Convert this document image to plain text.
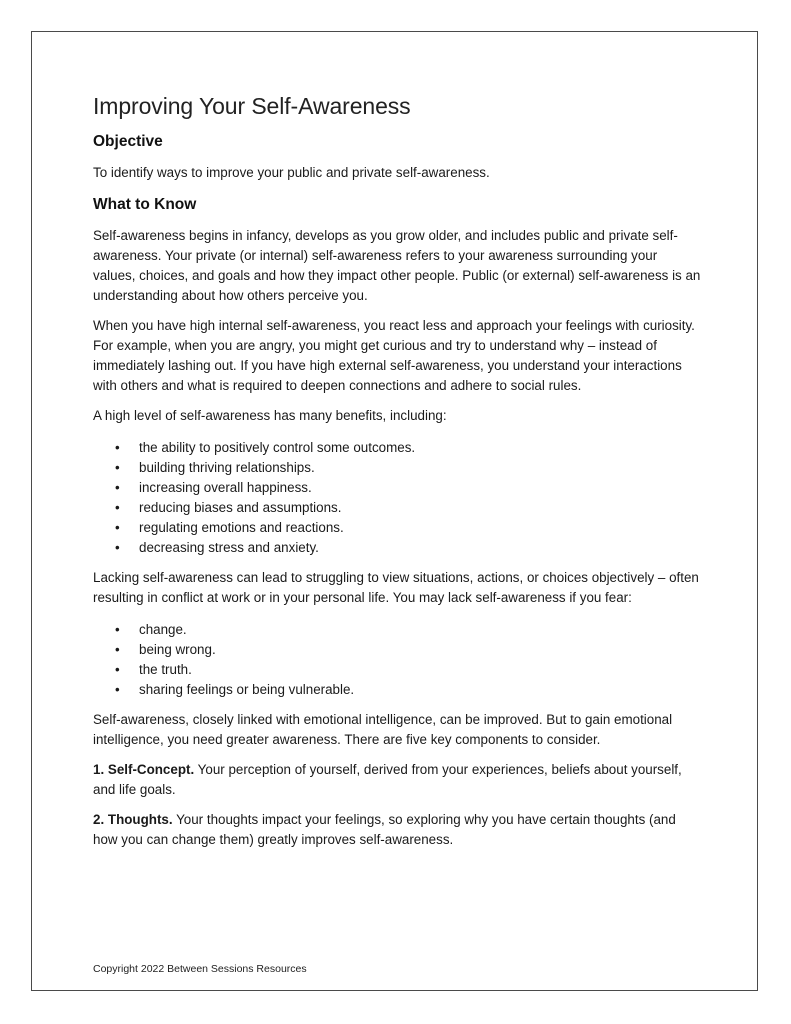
Improving Your Self-Awareness
Objective

To identify ways to improve your public and private self-awareness.

What to Know

Self-awareness begins in infancy, develops as you grow older, and includes public and private self-awareness. Your private (or internal) self-awareness refers to your awareness surrounding your values, choices, and goals and how they impact other people. Public (or external) self-awareness is an understanding about how others perceive you.

When you have high internal self-awareness, you react less and approach your feelings with curiosity. For example, when you are angry, you might get curious and try to understand why – instead of immediately lashing out. If you have high external self-awareness, you understand your interactions with others and what is required to deepen connections and adhere to social rules.

A high level of self-awareness has many benefits, including:

• the ability to positively control some outcomes.
• building thriving relationships.
• increasing overall happiness.
• reducing biases and assumptions.
• regulating emotions and reactions.
• decreasing stress and anxiety.

Lacking self-awareness can lead to struggling to view situations, actions, or choices objectively – often resulting in conflict at work or in your personal life. You may lack self-awareness if you fear:

• change.
• being wrong.
• the truth.
• sharing feelings or being vulnerable.

Self-awareness, closely linked with emotional intelligence, can be improved. But to gain emotional intelligence, you need greater awareness. There are five key components to consider.

1. Self-Concept. Your perception of yourself, derived from your experiences, beliefs about yourself, and life goals.

2. Thoughts. Your thoughts impact your feelings, so exploring why you have certain thoughts (and how you can change them) greatly improves self-awareness.

Copyright 2022 Between Sessions Resources
